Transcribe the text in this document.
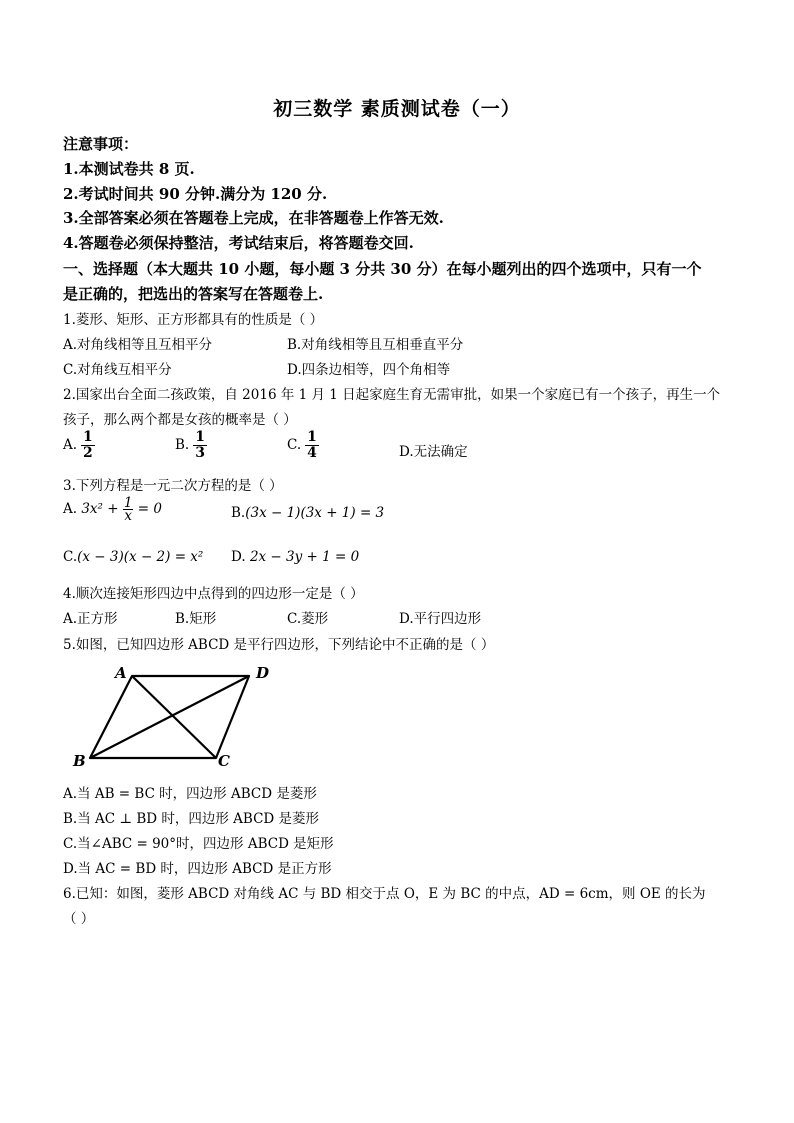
初三数学 素质测试卷（一）
注意事项：
1.本测试卷共 8 页.
2.考试时间共 90 分钟.满分为 120 分.
3.全部答案必须在答题卷上完成，在非答题卷上作答无效.
4.答题卷必须保持整洁，考试结束后，将答题卷交回.
一、选择题（本大题共 10 小题，每小题 3 分共 30 分）在每小题列出的四个选项中，只有一个
是正确的，把选出的答案写在答题卷上.
1.菱形、矩形、正方形都具有的性质是（ ）
A.对角线相等且互相平分	B.对角线相等且互相垂直平分
C.对角线互相平分	D.四条边相等，四个角相等
2.国家出台全面二孩政策，自 2016 年 1 月 1 日起家庭生育无需审批，如果一个家庭已有一个孩子，再生一个
孩子，那么两个都是女孩的概率是（ ）
A. $\frac{1}{2}$	B. $\frac{1}{3}$	C. $\frac{1}{4}$	D.无法确定
3.下列方程是一元二次方程的是（ ）
A. $3x^2 + \frac{1}{x} = 0$	B.(3x − 1)(3x + 1) = 3
C.(x − 3)(x − 2) = x² D. 2x − 3y + 1 = 0
4.顺次连接矩形四边中点得到的四边形一定是（ ）
A.正方形	B.矩形	C.菱形	D.平行四边形
5.如图，已知四边形 ABCD 是平行四边形，下列结论中不正确的是（ ）
A	D
B	C
A.当 AB = BC 时，四边形 ABCD 是菱形
B.当 AC ⊥ BD 时，四边形 ABCD 是菱形
C.当∠ABC = 90°时，四边形 ABCD 是矩形
D.当 AC = BD 时，四边形 ABCD 是正方形
6.已知：如图，菱形 ABCD 对角线 AC 与 BD 相交于点 O，E 为 BC 的中点，AD = 6cm，则 OE 的长为
（ ）
